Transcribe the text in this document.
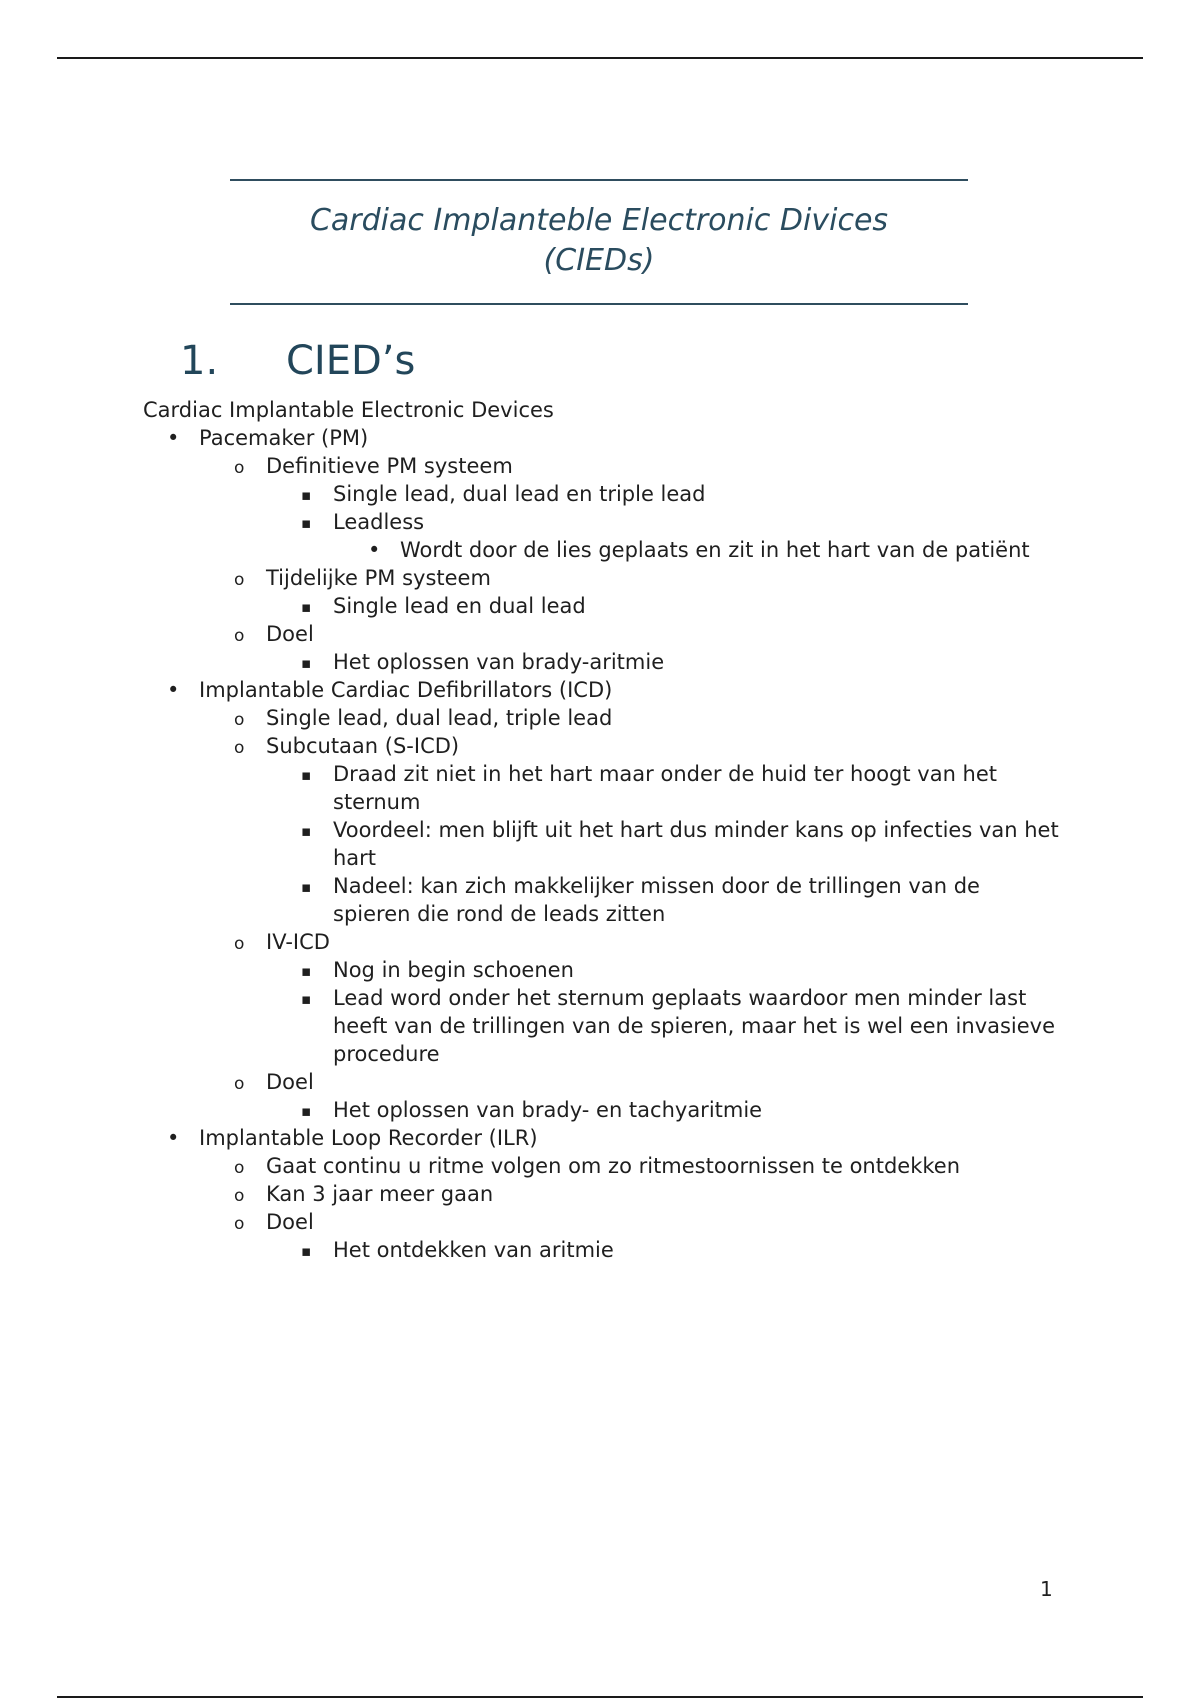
Cardiac Implanteble Electronic Divices
(CIEDs)
1. CIED’s

Cardiac Implantable Electronic Devices

• Pacemaker (PM)
o Definitieve PM systeem
▪ Single lead, dual lead en triple lead
▪ Leadless
• Wordt door de lies geplaats en zit in het hart van de patiënt
o Tijdelijke PM systeem
▪ Single lead en dual lead
o Doel
▪ Het oplossen van brady-aritmie
• Implantable Cardiac Defibrillators (ICD)
o Single lead, dual lead, triple lead
o Subcutaan (S-ICD)
▪ Draad zit niet in het hart maar onder de huid ter hoogt van het sternum
▪ Voordeel: men blijft uit het hart dus minder kans op infecties van het hart
▪ Nadeel: kan zich makkelijker missen door de trillingen van de spieren die rond de leads zitten
o IV-ICD
▪ Nog in begin schoenen
▪ Lead word onder het sternum geplaats waardoor men minder last heeft van de trillingen van de spieren, maar het is wel een invasieve procedure
o Doel
▪ Het oplossen van brady- en tachyaritmie
• Implantable Loop Recorder (ILR)
o Gaat continu u ritme volgen om zo ritmestoornissen te ontdekken
o Kan 3 jaar meer gaan
o Doel
▪ Het ontdekken van aritmie
1
